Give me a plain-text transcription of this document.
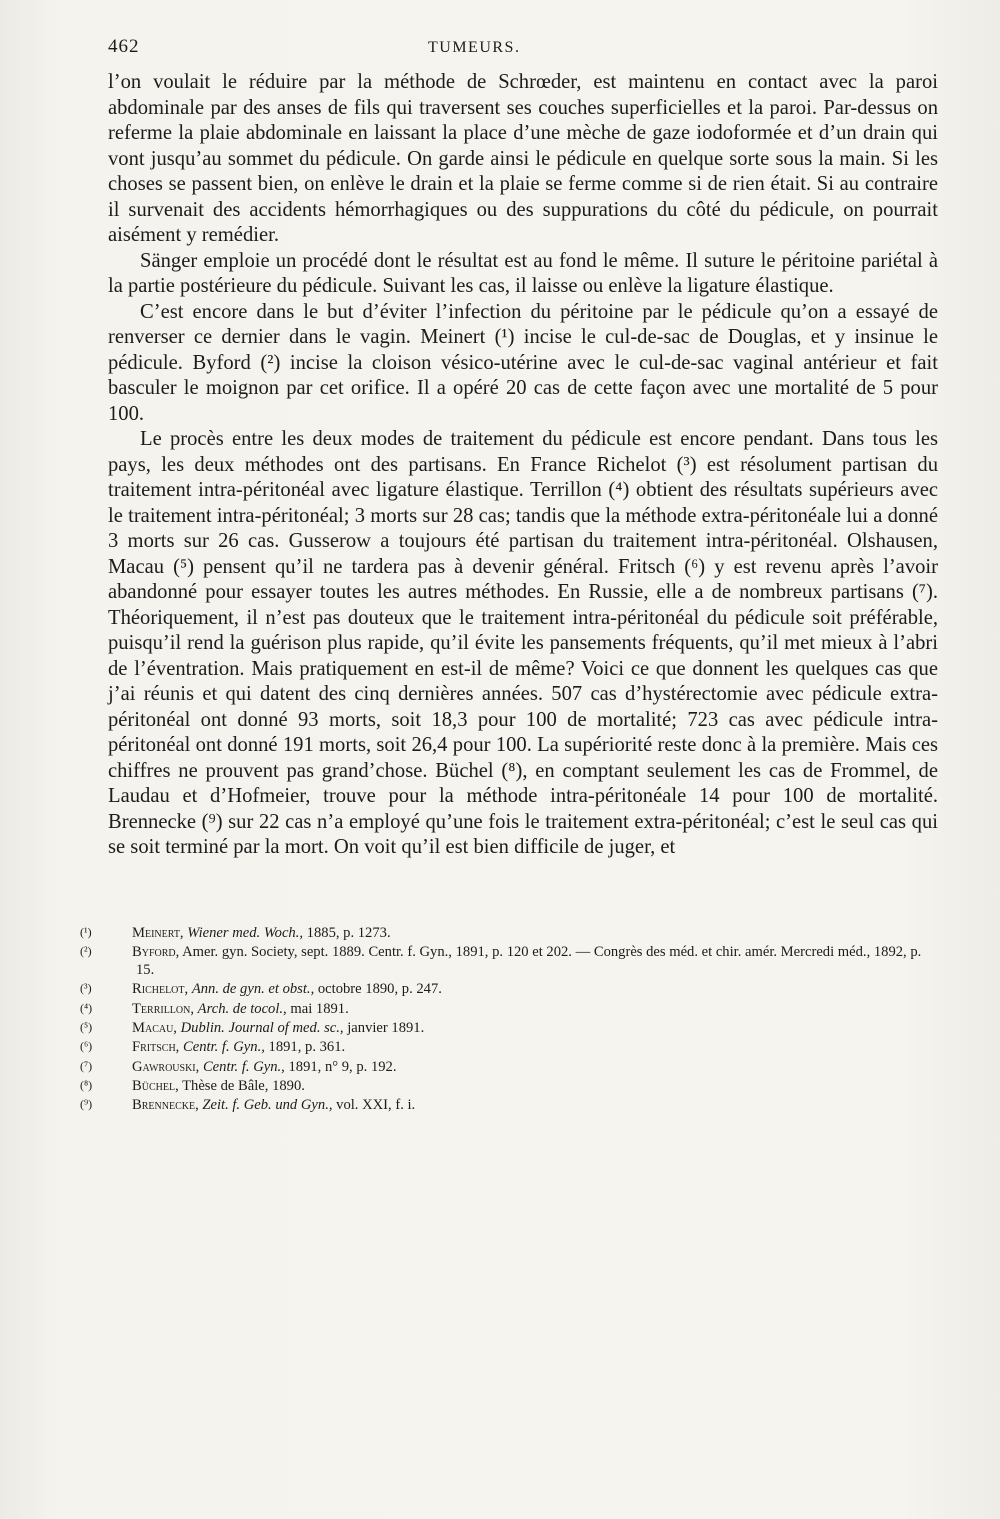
462	TUMEURS.

l’on voulait le réduire par la méthode de Schrœder, est maintenu en contact avec la paroi abdominale par des anses de fils qui traversent ses couches superficielles et la paroi. Par-dessus on referme la plaie abdominale en laissant la place d’une mèche de gaze iodoformée et d’un drain qui vont jusqu’au sommet du pédicule. On garde ainsi le pédicule en quelque sorte sous la main. Si les choses se passent bien, on enlève le drain et la plaie se ferme comme si de rien était. Si au contraire il survenait des accidents hémorrhagiques ou des suppurations du côté du pédicule, on pourrait aisément y remédier.

Sänger emploie un procédé dont le résultat est au fond le même. Il suture le péritoine pariétal à la partie postérieure du pédicule. Suivant les cas, il laisse ou enlève la ligature élastique.

C’est encore dans le but d’éviter l’infection du péritoine par le pédicule qu’on a essayé de renverser ce dernier dans le vagin. Meinert (¹) incise le cul-de-sac de Douglas, et y insinue le pédicule. Byford (²) incise la cloison vésico-utérine avec le cul-de-sac vaginal antérieur et fait basculer le moignon par cet orifice. Il a opéré 20 cas de cette façon avec une mortalité de 5 pour 100.

Le procès entre les deux modes de traitement du pédicule est encore pendant. Dans tous les pays, les deux méthodes ont des partisans. En France Richelot (³) est résolument partisan du traitement intra-péritonéal avec ligature élastique. Terrillon (⁴) obtient des résultats supérieurs avec le traitement intra-péritonéal; 3 morts sur 28 cas; tandis que la méthode extra-péritonéale lui a donné 3 morts sur 26 cas. Gusserow a toujours été partisan du traitement intra-péritonéal. Olshausen, Macau (⁵) pensent qu’il ne tardera pas à devenir général. Fritsch (⁶) y est revenu après l’avoir abandonné pour essayer toutes les autres méthodes. En Russie, elle a de nombreux partisans (⁷). Théoriquement, il n’est pas douteux que le traitement intra-péritonéal du pédicule soit préférable, puisqu’il rend la guérison plus rapide, qu’il évite les pansements fréquents, qu’il met mieux à l’abri de l’éventration. Mais pratiquement en est-il de même? Voici ce que donnent les quelques cas que j’ai réunis et qui datent des cinq dernières années. 507 cas d’hystérectomie avec pédicule extra-péritonéal ont donné 93 morts, soit 18,3 pour 100 de mortalité; 723 cas avec pédicule intra-péritonéal ont donné 191 morts, soit 26,4 pour 100. La supériorité reste donc à la première. Mais ces chiffres ne prouvent pas grand’chose. Büchel (⁸), en comptant seulement les cas de Frommel, de Laudau et d’Hofmeier, trouve pour la méthode intra-péritonéale 14 pour 100 de mortalité. Brennecke (⁹) sur 22 cas n’a employé qu’une fois le traitement extra-péritonéal; c’est le seul cas qui se soit terminé par la mort. On voit qu’il est bien difficile de juger, et

(¹)	Meinert, Wiener med. Woch., 1885, p. 1273.

(²)	Byford, Amer. gyn. Society, sept. 1889. Centr. f. Gyn., 1891, p. 120 et 202. — Congrès des méd. et chir. amér. Mercredi méd., 1892, p. 15.

(³)	Richelot, Ann. de gyn. et obst., octobre 1890, p. 247.

(⁴)	Terrillon, Arch. de tocol., mai 1891.

(⁵)	Macau, Dublin. Journal of med. sc., janvier 1891.

(⁶)	Fritsch, Centr. f. Gyn., 1891, p. 361.

(⁷)	Gawrouski, Centr. f. Gyn., 1891, n° 9, p. 192.

(⁸)	Büchel, Thèse de Bâle, 1890.

(⁹)	Brennecke, Zeit. f. Geb. und Gyn., vol. XXI, f. i.
